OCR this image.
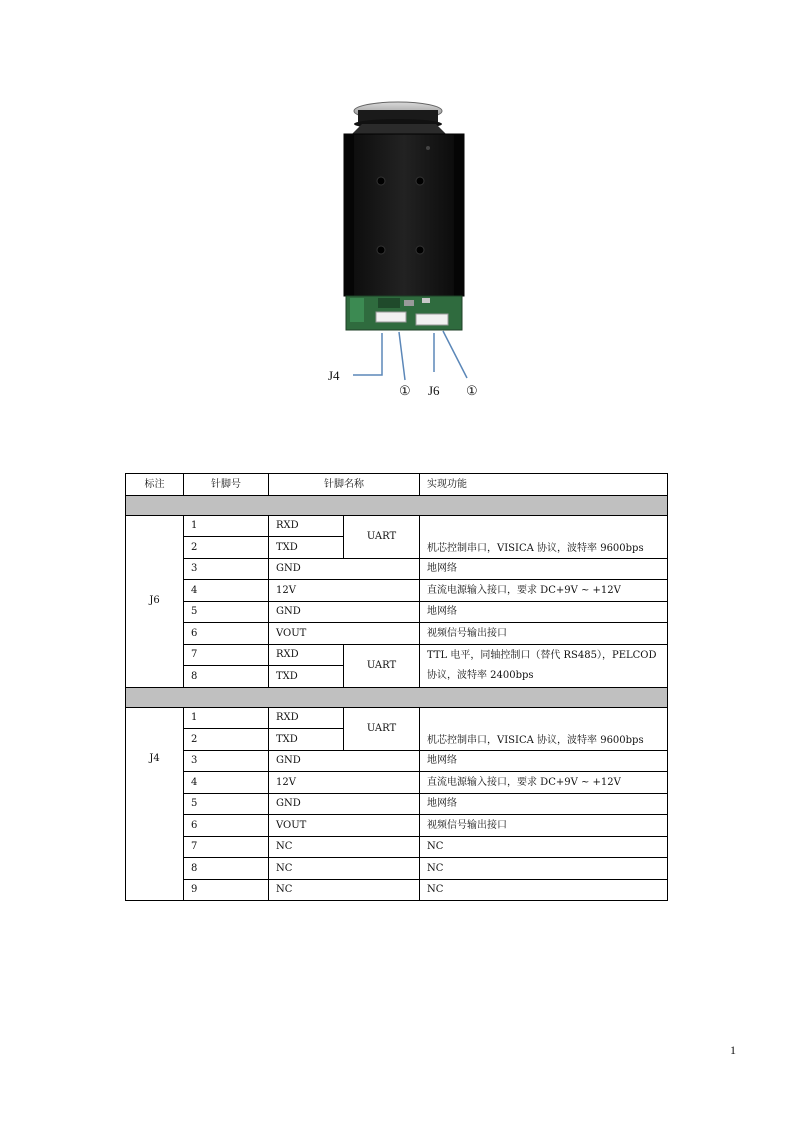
J4
① J6 ①
标注	针脚号	针脚名称		实现功能

J6	1	RXD	UART	机芯控制串口，VISICA 协议，波特率 9600bps
	2	TXD		
	3	GND		地网络
	4	12V		直流电源输入接口，要求 DC+9V ~ +12V
	5	GND		地网络
	6	VOUT		视频信号输出接口
	7	RXD	UART	TTL 电平，同轴控制口（替代 RS485），PELCOD 协议，波特率 2400bps
	8	TXD		

J4	1	RXD	UART	机芯控制串口，VISICA 协议，波特率 9600bps
	2	TXD		
	3	GND		地网络
	4	12V		直流电源输入接口，要求 DC+9V ~ +12V
	5	GND		地网络
	6	VOUT		视频信号输出接口
	7	NC		NC
	8	NC		NC
	9	NC		NC
1
